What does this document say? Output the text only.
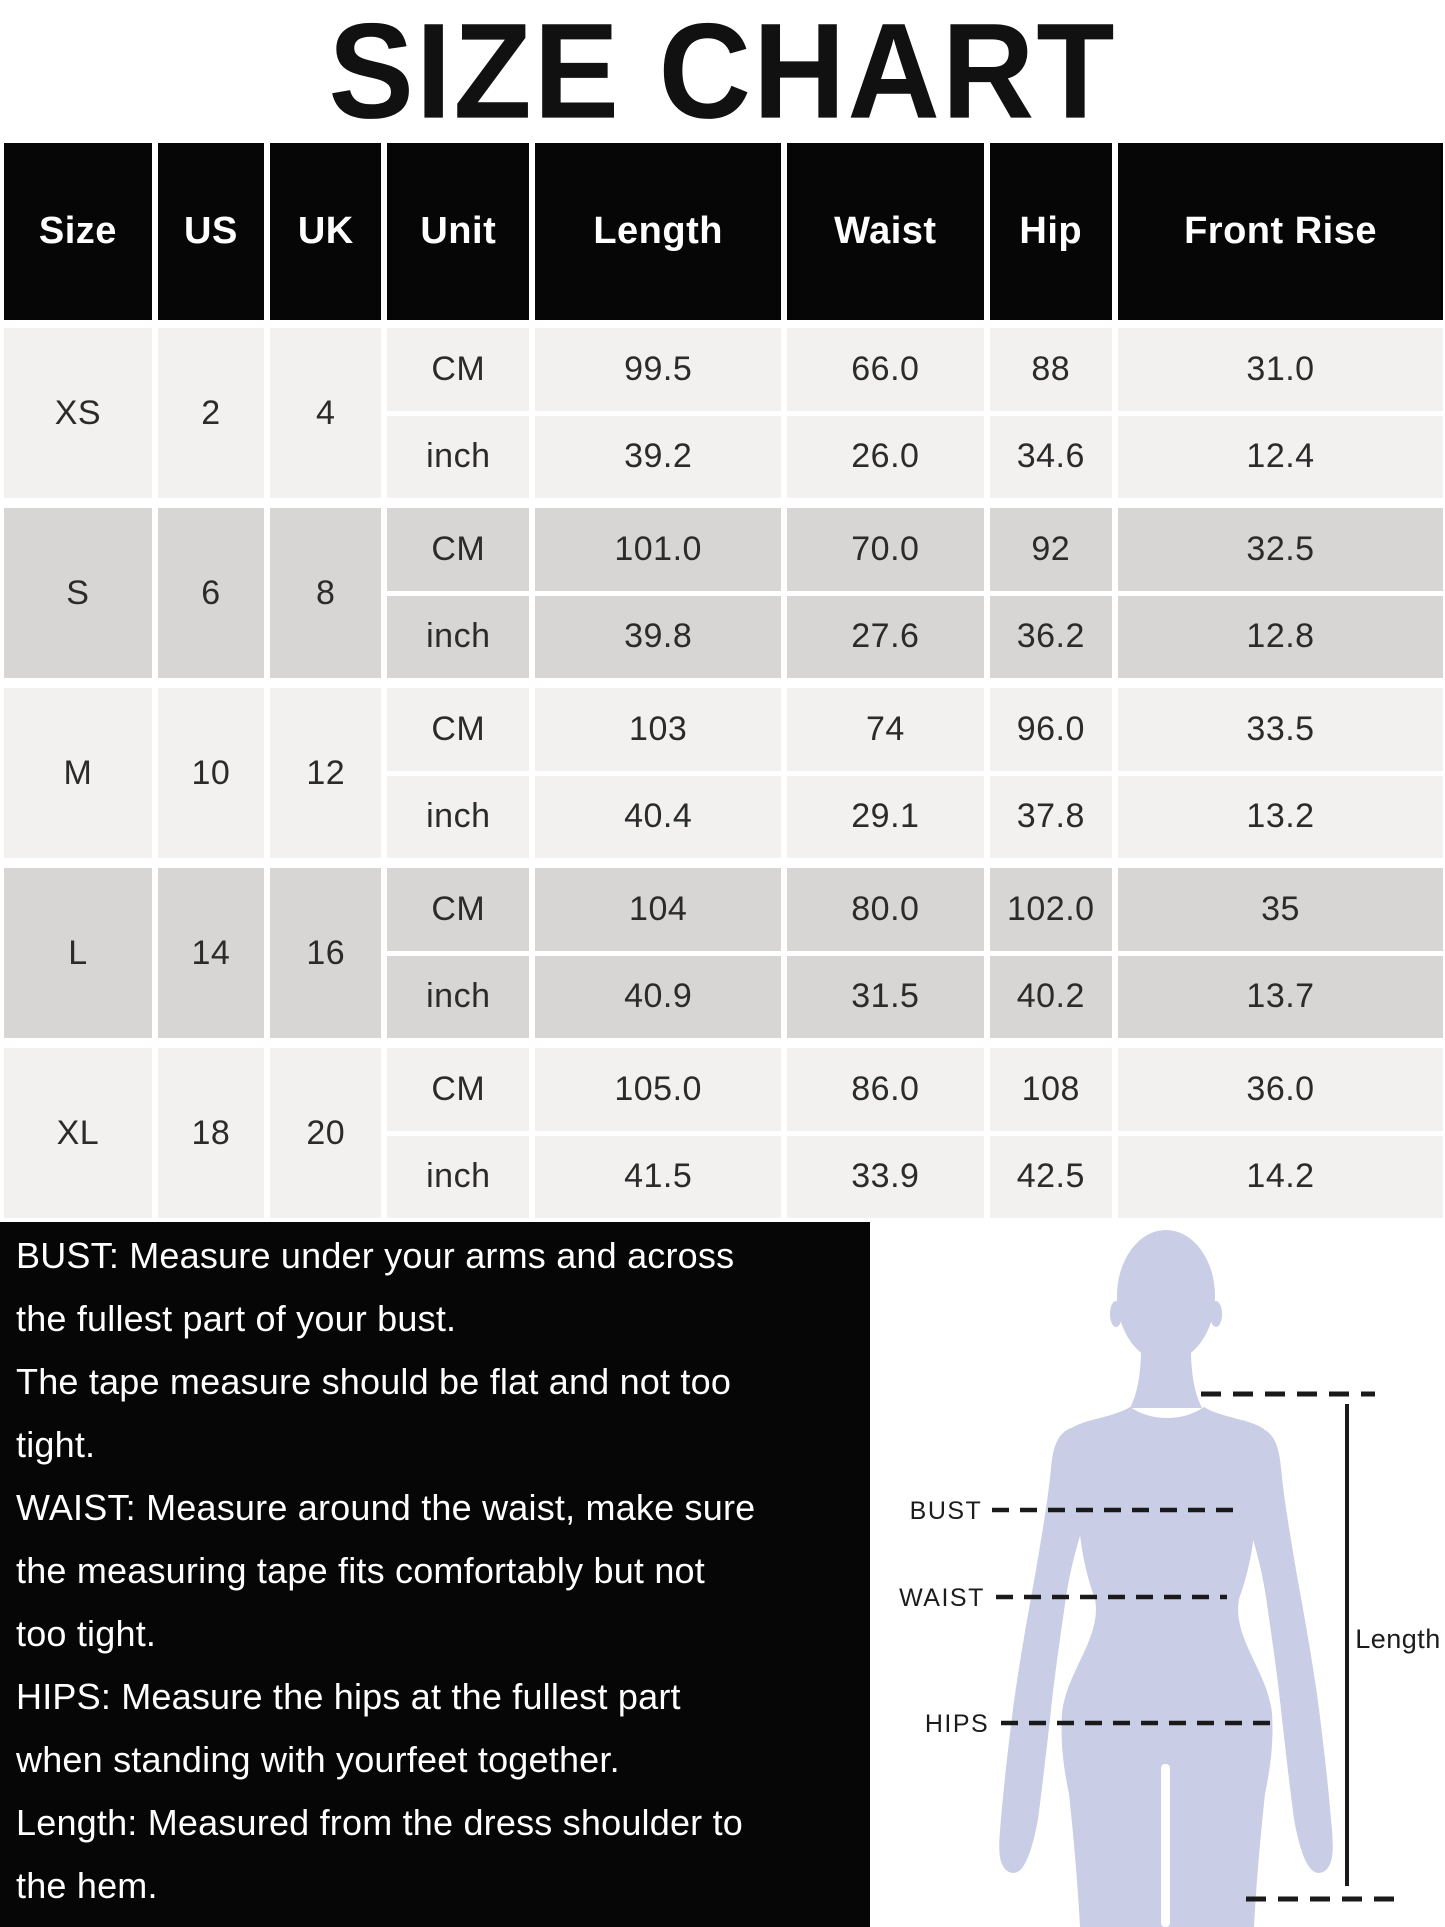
SIZE CHART
Size	US	UK	Unit	Length	Waist	Hip	Front Rise
XS	2	4
CM	99.5	66.0	88	31.0
inch	39.2	26.0	34.6	12.4
S	6	8
CM	101.0	70.0	92	32.5
inch	39.8	27.6	36.2	12.8
M	10	12
CM	103	74	96.0	33.5
inch	40.4	29.1	37.8	13.2
L	14	16
CM	104	80.0	102.0	35
inch	40.9	31.5	40.2	13.7
XL	18	20
CM	105.0	86.0	108	36.0
inch	41.5	33.9	42.5	14.2
BUST: Measure under your arms and across
the fullest part of your bust.
The tape measure should be flat and not too
tight.
WAIST: Measure around the waist, make sure
the measuring tape fits comfortably but not
too tight.
HIPS: Measure the hips at the fullest part
when standing with yourfeet together.
Length: Measured from the dress shoulder to
the hem.
BUST
WAIST
HIPS
Length
